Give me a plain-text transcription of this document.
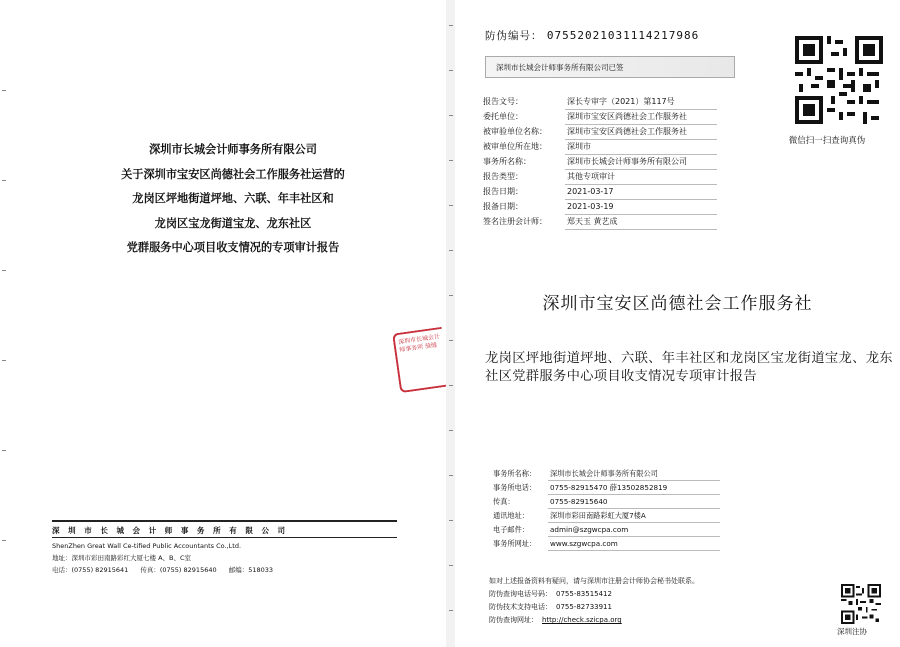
深圳市长城会计师事务所有限公司
关于深圳市宝安区尚德社会工作服务社运营的
龙岗区坪地街道坪地、六联、年丰社区和
龙岗区宝龙街道宝龙、龙东社区
党群服务中心项目收支情况的专项审计报告
深圳市长城会计师事务所 骑缝
深 圳 市 长 城 会 计 师 事 务 所 有 限 公 司
ShenZhen Great Wall Ce-tified Public Accountants Co.,Ltd.
地址：深圳市彩田南路彩红大厦七楼 A、B、C室
电话：(0755) 82915641 传真：(0755) 82915640 邮编：518033
防伪编号： 07552021031114217986
深圳市长城会计师事务所有限公司已签
微信扫一扫查询真伪
报告文号：	深长专审字（2021）第117号
委托单位：	深圳市宝安区尚德社会工作服务社
被审验单位名称：	深圳市宝安区尚德社会工作服务社
被审单位所在地：	深圳市
事务所名称：	深圳市长城会计师事务所有限公司
报告类型：	其他专项审计
报告日期：	2021-03-17
报备日期：	2021-03-19
签名注册会计师：	郑天玉 黄艺成
深圳市宝安区尚德社会工作服务社
龙岗区坪地街道坪地、六联、年丰社区和龙岗区宝龙街道宝龙、龙东社区党群服务中心项目收支情况专项审计报告
事务所名称：	深圳市长城会计师事务所有限公司
事务所电话：	0755-82915470 薛13502852819
传真：	0755-82915640
通讯地址：	深圳市彩田南路彩虹大厦7楼A
电子邮件：	admin@szgwcpa.com
事务所网址：	www.szgwcpa.com
如对上述报备资料有疑问，请与深圳市注册会计师协会秘书处联系。
防伪查询电话号码： 0755-83515412
防伪技术支持电话： 0755-82733911
防伪查询网址： http://check.szicpa.org
深圳注协
